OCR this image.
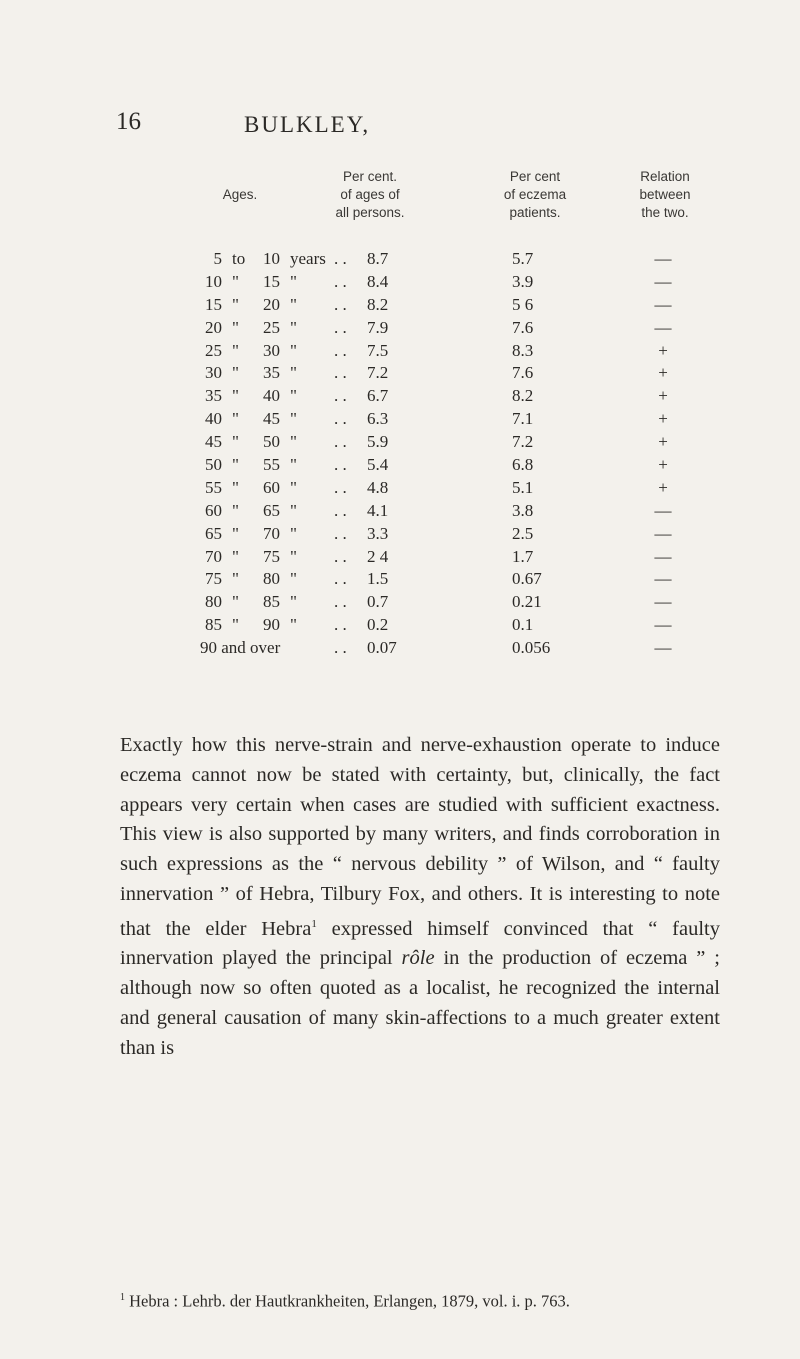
16	BULKLEY,
Ages.
Per cent.
of ages of
all persons.
Per cent
of eczema
patients.
Relation
between
the two.
5 to	10 years . . 8.7	5.7	—
10 "	15 " . . 8.4	3.9	—
15 "	20 " . . 8.2	5 6	—
20 "	25 " . . 7.9	7.6	—
25 "	30 " . . 7.5	8.3	+
30 "	35 " . . 7.2	7.6	+
35 "	40 " . . 6.7	8.2	+
40 "	45 " . . 6.3	7.1	+
45 "	50 " . . 5.9	7.2	+
50 "	55 " . . 5.4	6.8	+
55 "	60 " . . 4.8	5.1	+
60 "	65 " . . 4.1	3.8	—
65 "	70 " . . 3.3	2.5	—
70 "	75 " . . 2 4	1.7	—
75 "	80 " . . 1.5	0.67	—
80 "	85 " . . 0.7	0.21	—
85 "	90 " . . 0.2	0.1	—
90 and over	. . 0.07	0.056	—

Exactly how this nerve-strain and nerve-exhaustion operate to induce eczema cannot now be stated with certainty, but, clinically, the fact appears very certain when cases are studied with sufficient exactness. This view is also supported by many writers, and finds corroboration in such expressions as the “ nervous debility ” of Wilson, and “ faulty innervation ” of Hebra, Tilbury Fox, and others. It is interesting to note that the elder Hebra$^1$ expressed himself convinced that “ faulty innervation played the principal rôle in the production of eczema ” ; although now so often quoted as a localist, he recognized the internal and general causation of many skin-affections to a much greater extent than is

$^1$ Hebra : Lehrb. der Hautkrankheiten, Erlangen, 1879, vol. i. p. 763.
